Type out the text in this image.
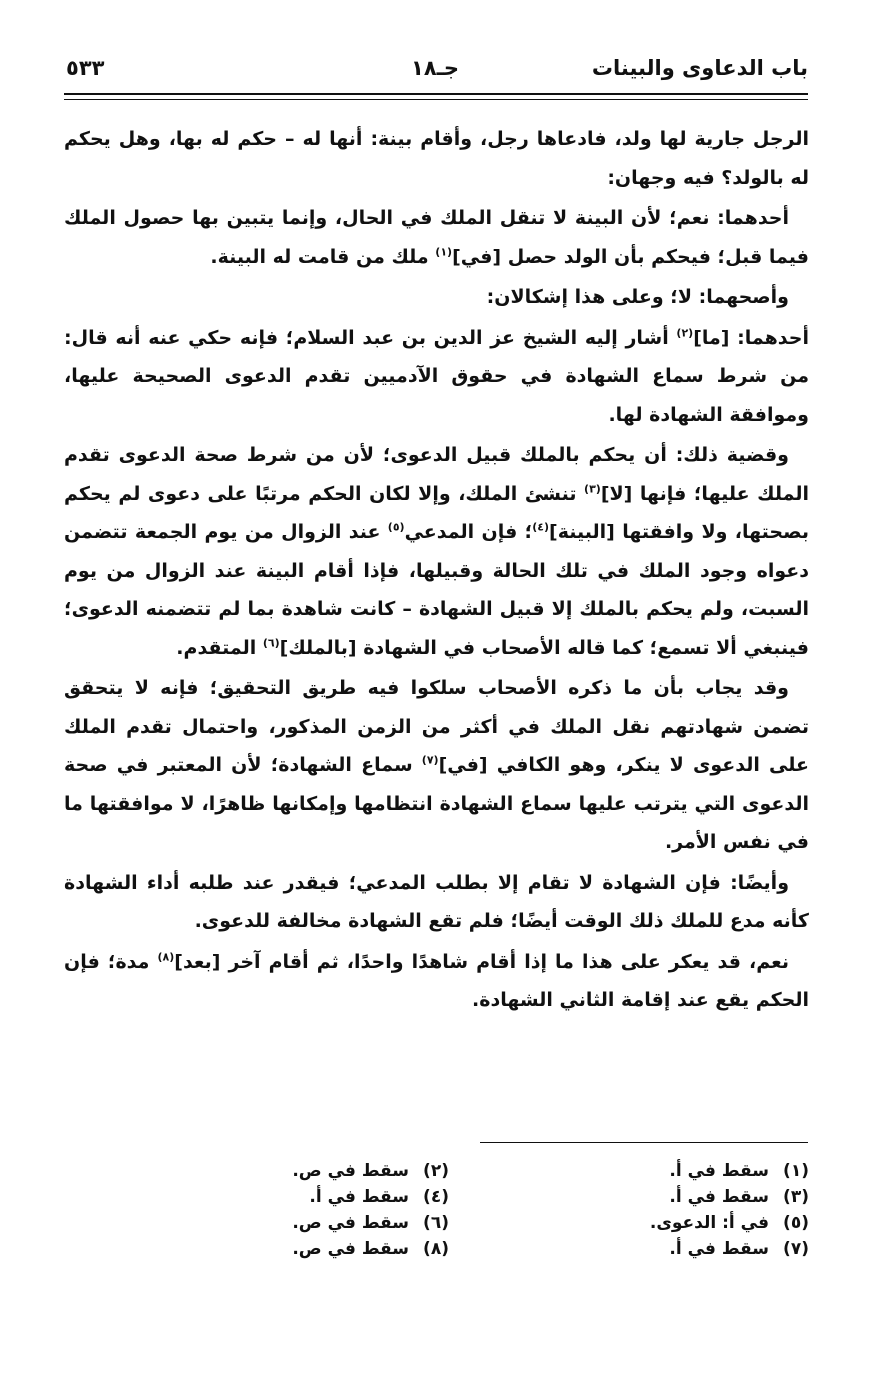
باب الدعاوى والبينات
جـ١٨
٥٣٣

الرجل جارية لها ولد، فادعاها رجل، وأقام بينة: أنها له – حكم له بها، وهل يحكم له بالولد؟ فيه وجهان:

أحدهما: نعم؛ لأن البينة لا تنقل الملك في الحال، وإنما يتبين بها حصول الملك فيما قبل؛ فيحكم بأن الولد حصل [في]$^{(١)}$ ملك من قامت له البينة.

وأصحهما: لا؛ وعلى هذا إشكالان:

أحدهما: [ما]$^{(٢)}$ أشار إليه الشيخ عز الدين بن عبد السلام؛ فإنه حكي عنه أنه قال: من شرط سماع الشهادة في حقوق الآدميين تقدم الدعوى الصحيحة عليها، وموافقة الشهادة لها.

وقضية ذلك: أن يحكم بالملك قبيل الدعوى؛ لأن من شرط صحة الدعوى تقدم الملك عليها؛ فإنها [لا]$^{(٣)}$ تنشئ الملك، وإلا لكان الحكم مرتبًا على دعوى لم يحكم بصحتها، ولا وافقتها [البينة]$^{(٤)}$؛ فإن المدعي$^{(٥)}$ عند الزوال من يوم الجمعة تتضمن دعواه وجود الملك في تلك الحالة وقبيلها، فإذا أقام البينة عند الزوال من يوم السبت، ولم يحكم بالملك إلا قبيل الشهادة – كانت شاهدة بما لم تتضمنه الدعوى؛ فينبغي ألا تسمع؛ كما قاله الأصحاب في الشهادة [بالملك]$^{(٦)}$ المتقدم.

وقد يجاب بأن ما ذكره الأصحاب سلكوا فيه طريق التحقيق؛ فإنه لا يتحقق تضمن شهادتهم نقل الملك في أكثر من الزمن المذكور، واحتمال تقدم الملك على الدعوى لا ينكر، وهو الكافي [في]$^{(٧)}$ سماع الشهادة؛ لأن المعتبر في صحة الدعوى التي يترتب عليها سماع الشهادة انتظامها وإمكانها ظاهرًا، لا موافقتها ما في نفس الأمر.

وأيضًا: فإن الشهادة لا تقام إلا بطلب المدعي؛ فيقدر عند طلبه أداء الشهادة كأنه مدع للملك ذلك الوقت أيضًا؛ فلم تقع الشهادة مخالفة للدعوى.

نعم، قد يعكر على هذا ما إذا أقام شاهدًا واحدًا، ثم أقام آخر [بعد]$^{(٨)}$ مدة؛ فإن الحكم يقع عند إقامة الثاني الشهادة.

(١)سقط في أ.
(٣)سقط في أ.
(٥)في أ: الدعوى.
(٧)سقط في أ.
(٢)سقط في ص.
(٤)سقط في أ.
(٦)سقط في ص.
(٨)سقط في ص.
